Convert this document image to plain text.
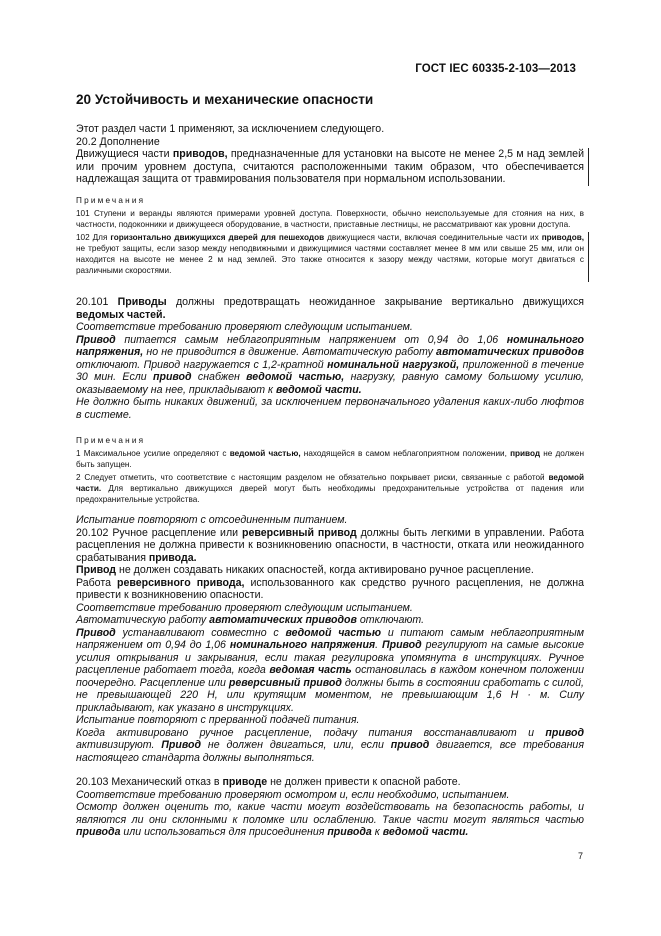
ГОСТ IEC 60335-2-103—2013
20 Устойчивость и механические опасности

Этот раздел части 1 применяют, за исключением следующего.

20.2 Дополнение

Движущиеся части приводов, предназначенные для установки на высоте не менее 2,5 м над землей или прочим уровнем доступа, считаются расположенными таким образом, что обеспечивается надлежащая защита от травмирования пользователя при нормальном использовании.

Примечания

101 Ступени и веранды являются примерами уровней доступа. Поверхности, обычно неиспользуемые для стояния на них, в частности, подоконники и движущееся оборудование, в частности, приставные лестницы, не рассматривают как уровни доступа.

102 Для горизонтально движущихся дверей для пешеходов движущиеся части, включая соединительные части их приводов, не требуют защиты, если зазор между неподвижными и движущимися частями составляет менее 8 мм или свыше 25 мм, или он находится на высоте не менее 2 м над землей. Это также относится к зазору между частями, которые могут двигаться с различными скоростями.

20.101 Приводы должны предотвращать неожиданное закрывание вертикально движущихся ведомых частей.

Соответствие требованию проверяют следующим испытанием.

Привод питается самым неблагоприятным напряжением от 0,94 до 1,06 номинального напряжения, но не приводится в движение. Автоматическую работу автоматических приводов отключают. Привод нагружается с 1,2-кратной номинальной нагрузкой, приложенной в течение 30 мин. Если привод снабжен ведомой частью, нагрузку, равную самому большому усилию, оказываемому на нее, прикладывают к ведомой части.

Не должно быть никаких движений, за исключением первоначального удаления каких-либо люфтов в системе.

Примечания

1 Максимальное усилие определяют с ведомой частью, находящейся в самом неблагоприятном положении, привод не должен быть запущен.

2 Следует отметить, что соответствие с настоящим разделом не обязательно покрывает риски, связанные с работой ведомой части. Для вертикально движущихся дверей могут быть необходимы предохранительные устройства от падения или предохранительные устройства.

Испытание повторяют с отсоединенным питанием.

20.102 Ручное расцепление или реверсивный привод должны быть легкими в управлении. Работа расцепления не должна привести к возникновению опасности, в частности, отката или неожиданного срабатывания привода.

Привод не должен создавать никаких опасностей, когда активировано ручное расцепление.

Работа реверсивного привода, использованного как средство ручного расцепления, не должна привести к возникновению опасности.

Соответствие требованию проверяют следующим испытанием.

Автоматическую работу автоматических приводов отключают.

Привод устанавливают совместно с ведомой частью и питают самым неблагоприятным напряжением от 0,94 до 1,06 номинального напряжения. Привод регулируют на самые высокие усилия открывания и закрывания, если такая регулировка упомянута в инструкциях. Ручное расцепление работает тогда, когда ведомая часть остановилась в каждом конечном положении поочередно. Расцепление или реверсивный привод должны быть в состоянии сработать с силой, не превышающей 220 Н, или крутящим моментом, не превышающим 1,6 Н · м. Силу прикладывают, как указано в инструкциях.

Испытание повторяют с прерванной подачей питания.

Когда активировано ручное расцепление, подачу питания восстанавливают и привод активизируют. Привод не должен двигаться, или, если привод двигается, все требования настоящего стандарта должны выполняться.

20.103 Механический отказ в приводе не должен привести к опасной работе.

Соответствие требованию проверяют осмотром и, если необходимо, испытанием.

Осмотр должен оценить то, какие части могут воздействовать на безопасность работы, и являются ли они склонными к поломке или ослаблению. Такие части могут являться частью привода или использоваться для присоединения привода к ведомой части.

7
